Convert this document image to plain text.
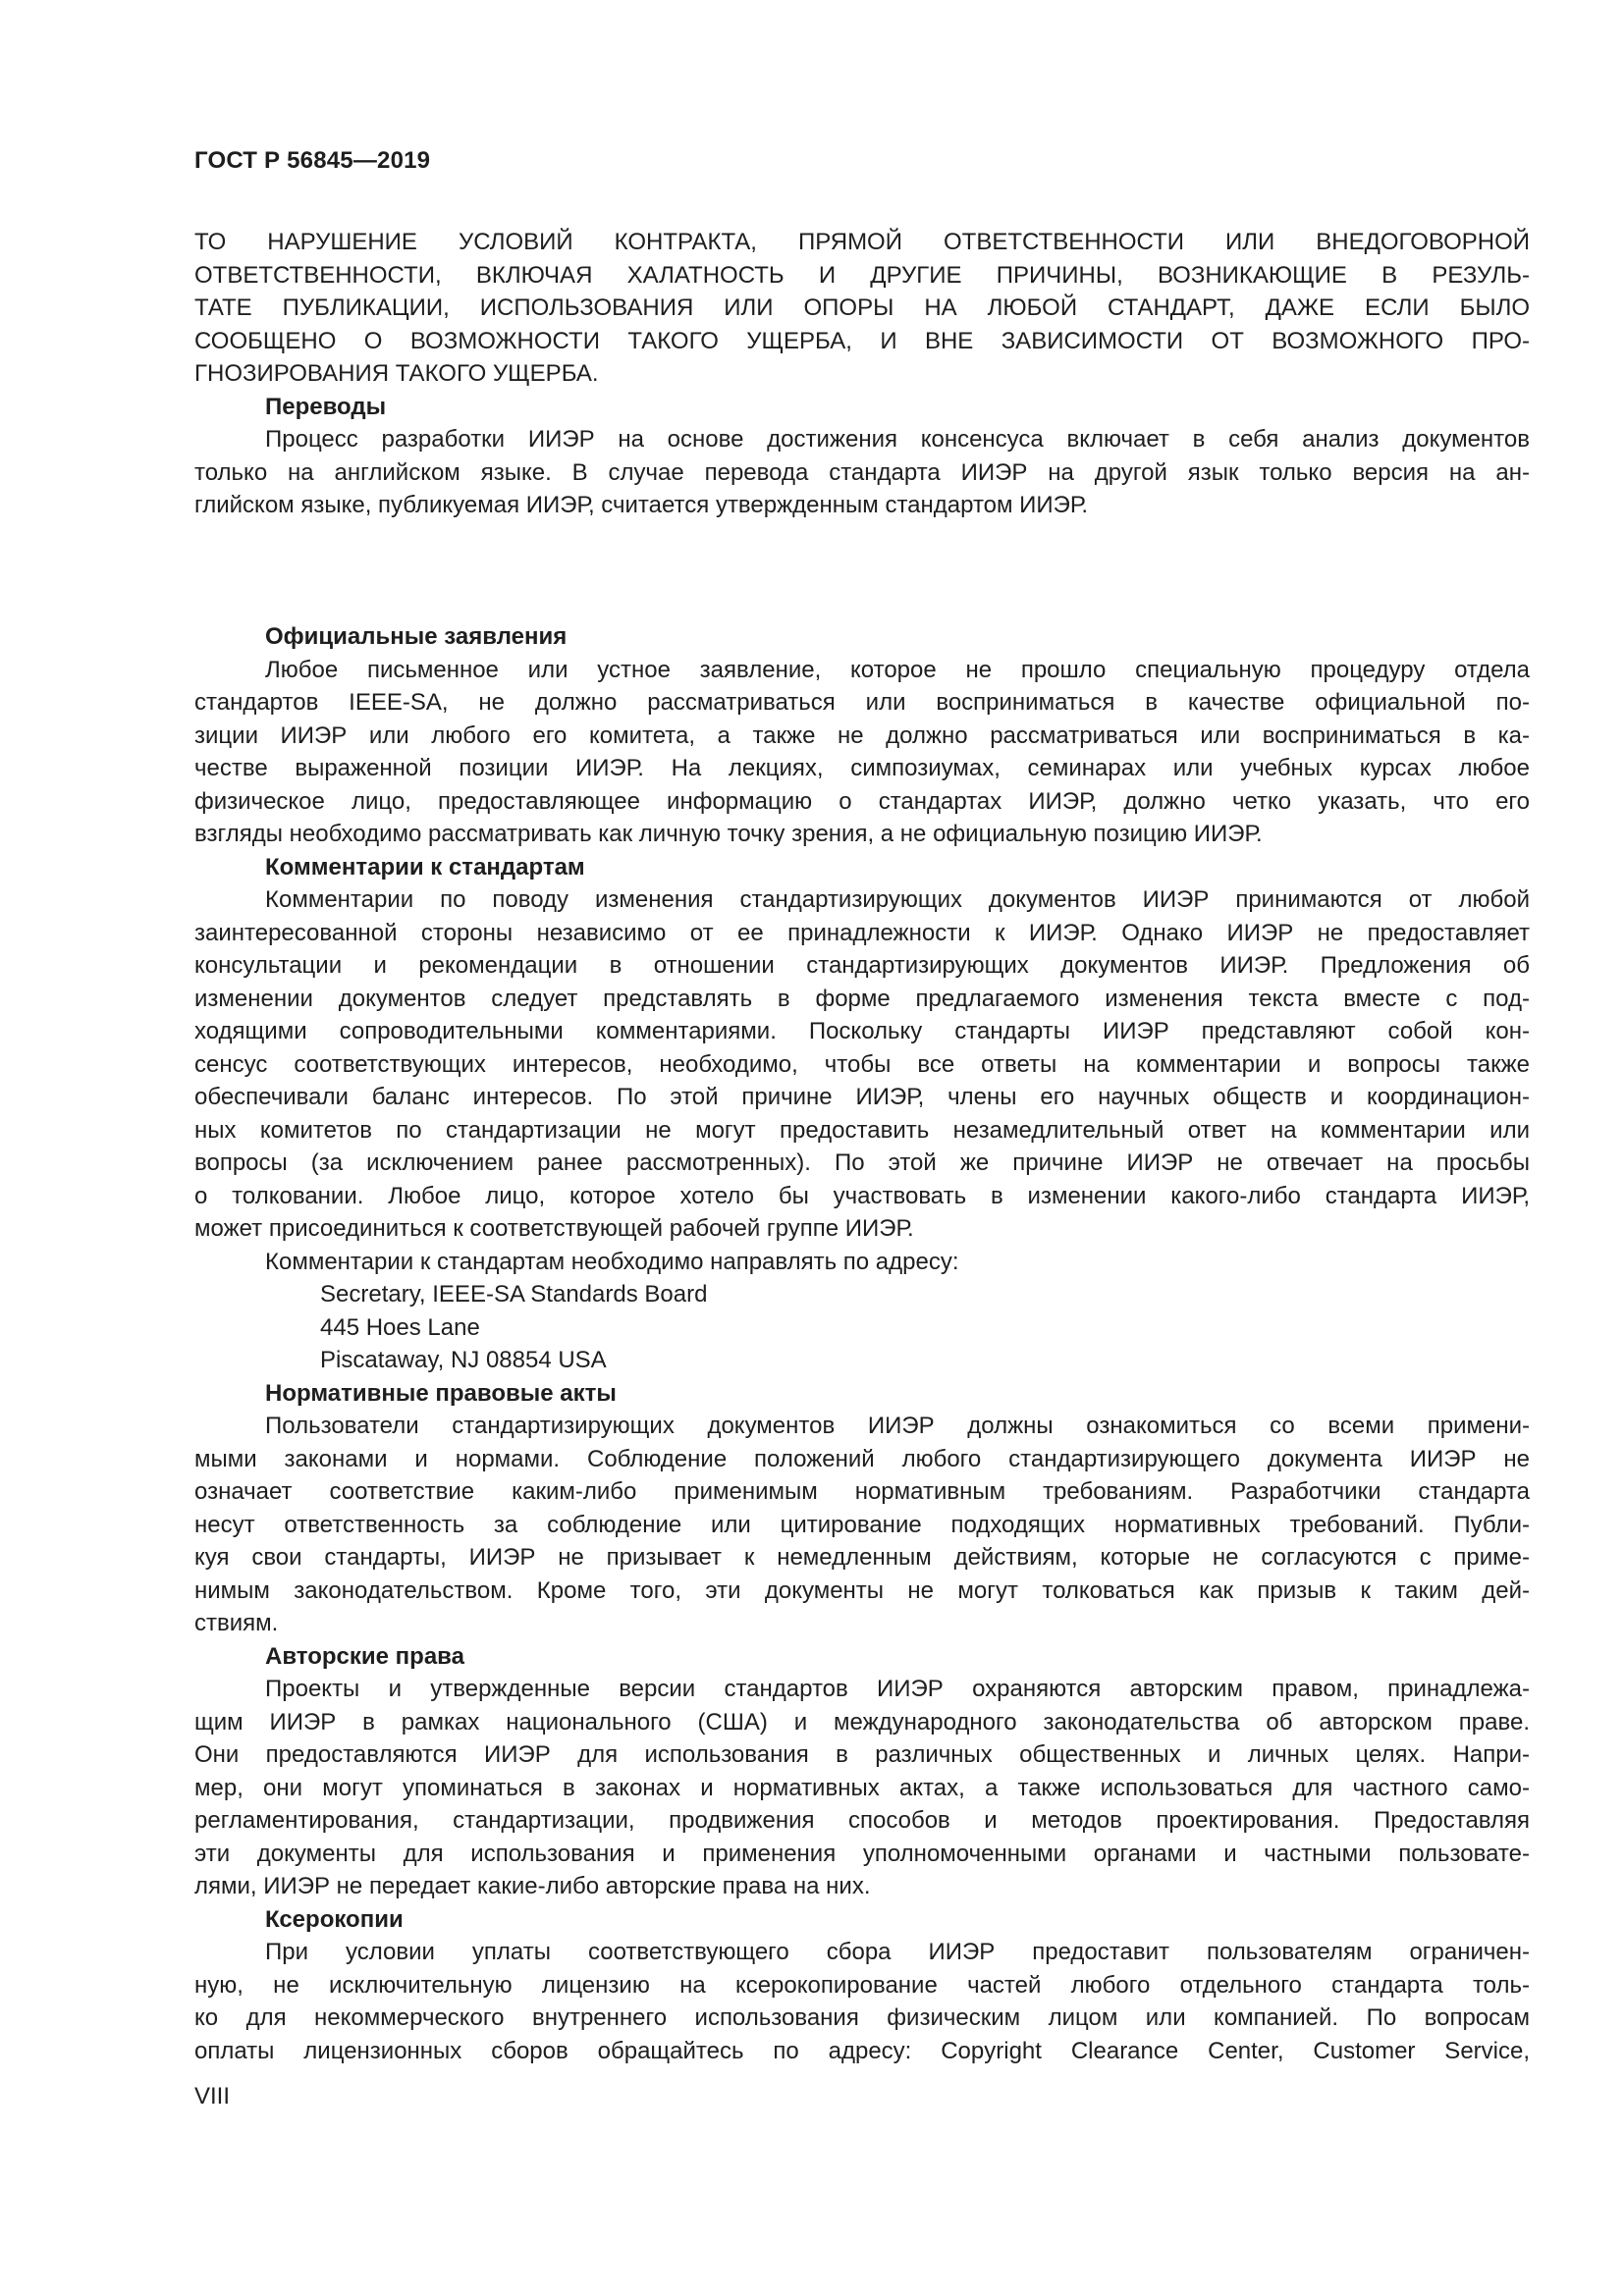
ГОСТ Р 56845—2019
ТО НАРУШЕНИЕ УСЛОВИЙ КОНТРАКТА, ПРЯМОЙ ОТВЕТСТВЕННОСТИ ИЛИ ВНЕДОГОВОРНОЙ
ОТВЕТСТВЕННОСТИ, ВКЛЮЧАЯ ХАЛАТНОСТЬ И ДРУГИЕ ПРИЧИНЫ, ВОЗНИКАЮЩИЕ В РЕЗУЛЬ-
ТАТЕ ПУБЛИКАЦИИ, ИСПОЛЬЗОВАНИЯ ИЛИ ОПОРЫ НА ЛЮБОЙ СТАНДАРТ, ДАЖЕ ЕСЛИ БЫЛО
СООБЩЕНО О ВОЗМОЖНОСТИ ТАКОГО УЩЕРБА, И ВНЕ ЗАВИСИМОСТИ ОТ ВОЗМОЖНОГО ПРО-
ГНОЗИРОВАНИЯ ТАКОГО УЩЕРБА.
Переводы
Процесс разработки ИИЭР на основе достижения консенсуса включает в себя анализ документов
только на английском языке. В случае перевода стандарта ИИЭР на другой язык только версия на ан-
глийском языке, публикуемая ИИЭР, считается утвержденным стандартом ИИЭР.
Официальные заявления
Любое письменное или устное заявление, которое не прошло специальную процедуру отдела
стандартов IEEE-SA, не должно рассматриваться или восприниматься в качестве официальной по-
зиции ИИЭР или любого его комитета, а также не должно рассматриваться или восприниматься в ка-
честве выраженной позиции ИИЭР. На лекциях, симпозиумах, семинарах или учебных курсах любое
физическое лицо, предоставляющее информацию о стандартах ИИЭР, должно четко указать, что его
взгляды необходимо рассматривать как личную точку зрения, а не официальную позицию ИИЭР.
Комментарии к стандартам
Комментарии по поводу изменения стандартизирующих документов ИИЭР принимаются от любой
заинтересованной стороны независимо от ее принадлежности к ИИЭР. Однако ИИЭР не предоставляет
консультации и рекомендации в отношении стандартизирующих документов ИИЭР. Предложения об
изменении документов следует представлять в форме предлагаемого изменения текста вместе с под-
ходящими сопроводительными комментариями. Поскольку стандарты ИИЭР представляют собой кон-
сенсус соответствующих интересов, необходимо, чтобы все ответы на комментарии и вопросы также
обеспечивали баланс интересов. По этой причине ИИЭР, члены его научных обществ и координацион-
ных комитетов по стандартизации не могут предоставить незамедлительный ответ на комментарии или
вопросы (за исключением ранее рассмотренных). По этой же причине ИИЭР не отвечает на просьбы
о толковании. Любое лицо, которое хотело бы участвовать в изменении какого-либо стандарта ИИЭР,
может присоединиться к соответствующей рабочей группе ИИЭР.
Комментарии к стандартам необходимо направлять по адресу:
Secretary, IEEE-SA Standards Board
445 Hoes Lane
Piscataway, NJ 08854 USA
Нормативные правовые акты
Пользователи стандартизирующих документов ИИЭР должны ознакомиться со всеми примени-
мыми законами и нормами. Соблюдение положений любого стандартизирующего документа ИИЭР не
означает соответствие каким-либо применимым нормативным требованиям. Разработчики стандарта
несут ответственность за соблюдение или цитирование подходящих нормативных требований. Публи-
куя свои стандарты, ИИЭР не призывает к немедленным действиям, которые не согласуются с приме-
нимым законодательством. Кроме того, эти документы не могут толковаться как призыв к таким дей-
ствиям.
Авторские права
Проекты и утвержденные версии стандартов ИИЭР охраняются авторским правом, принадлежа-
щим ИИЭР в рамках национального (США) и международного законодательства об авторском праве.
Они предоставляются ИИЭР для использования в различных общественных и личных целях. Напри-
мер, они могут упоминаться в законах и нормативных актах, а также использоваться для частного само-
регламентирования, стандартизации, продвижения способов и методов проектирования. Предоставляя
эти документы для использования и применения уполномоченными органами и частными пользовате-
лями, ИИЭР не передает какие-либо авторские права на них.
Ксерокопии
При условии уплаты соответствующего сбора ИИЭР предоставит пользователям ограничен-
ную, не исключительную лицензию на ксерокопирование частей любого отдельного стандарта толь-
ко для некоммерческого внутреннего использования физическим лицом или компанией. По вопросам
оплаты лицензионных сборов обращайтесь по адресу: Copyright Clearance Center, Customer Service,
VIII
